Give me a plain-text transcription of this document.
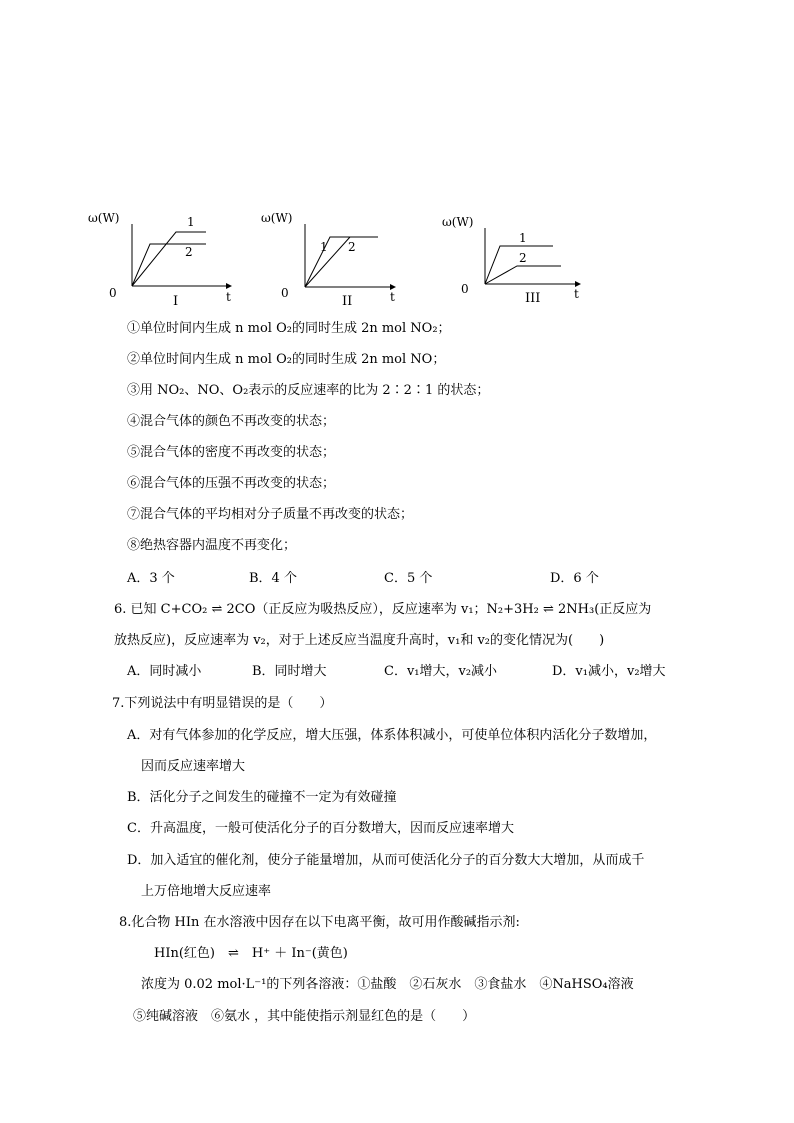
ω(W)
t
0
1
2
I
ω(W)
t
0
1 2
II
ω(W)
t
0
1
2
III
①单位时间内生成 n mol O₂的同时生成 2n mol NO₂；
②单位时间内生成 n mol O₂的同时生成 2n mol NO；
③用 NO₂、NO、O₂表示的反应速率的比为 2∶2∶1 的状态；
④混合气体的颜色不再改变的状态；
⑤混合气体的密度不再改变的状态；
⑥混合气体的压强不再改变的状态；
⑦混合气体的平均相对分子质量不再改变的状态；
⑧绝热容器内温度不再变化；
A．3 个	B．4 个	C．5 个	D．6 个
6. 已知 C+CO₂ ⇌ 2CO（正反应为吸热反应），反应速率为 v₁；N₂+3H₂ ⇌ 2NH₃(正反应为
放热反应)，反应速率为 v₂，对于上述反应当温度升高时，v₁和 v₂的变化情况为(　　)
A．同时减小	B．同时增大	C．v₁增大，v₂减小	D．v₁减小，v₂增大
7.下列说法中有明显错误的是（　　）
A．对有气体参加的化学反应，增大压强，体系体积减小，可使单位体积内活化分子数增加，
因而反应速率增大
B．活化分子之间发生的碰撞不一定为有效碰撞
C．升高温度，一般可使活化分子的百分数增大，因而反应速率增大
D．加入适宜的催化剂，使分子能量增加，从而可使活化分子的百分数大大增加，从而成千
上万倍地增大反应速率
8.化合物 HIn 在水溶液中因存在以下电离平衡，故可用作酸碱指示剂:
HIn(红色)　⇌　H⁺ ＋ In⁻(黄色)
浓度为 0.02 mol·L⁻¹的下列各溶液：①盐酸　②石灰水　③食盐水　④NaHSO₄溶液
⑤纯碱溶液　⑥氨水 ，其中能使指示剂显红色的是（　　）
